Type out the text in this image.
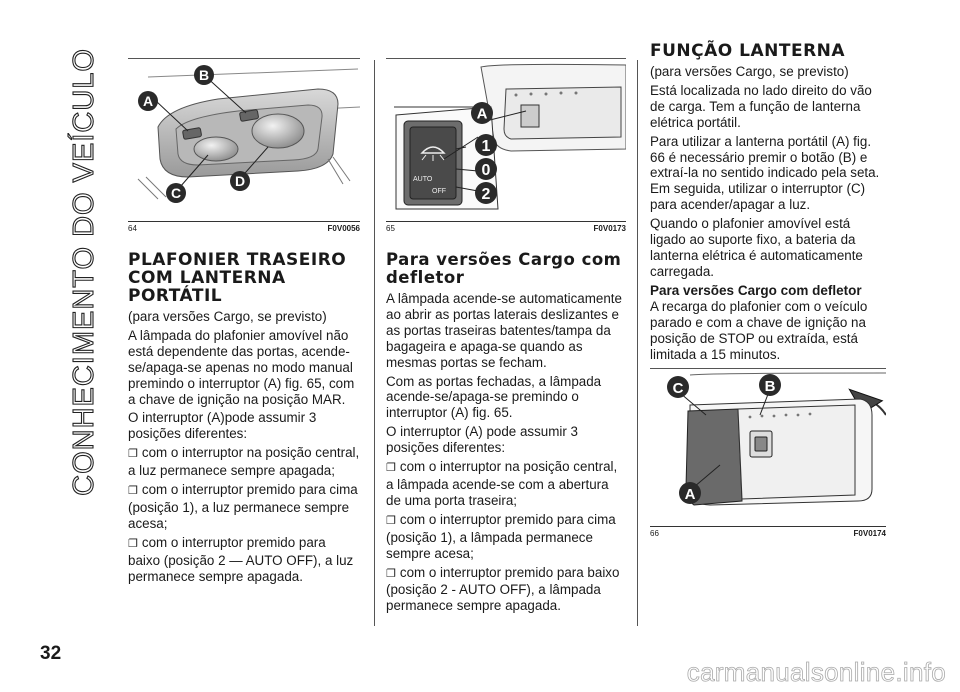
CONHECIMENTO DO VEÍCULO	A
B
C
D
64	F0V0056
PLAFONIER TRASEIRO COM LANTERNA PORTÁTIL

(para versões Cargo, se previsto)

A lâmpada do plafonier amovível não está dependente das portas, acende-se/apaga-se apenas no modo manual premindo o interruptor (A) fig. 65, com a chave de ignição na posição MAR.

O interruptor (A)pode assumir 3 posições diferentes:

❐ com o interruptor na posição central, a luz permanece sempre apagada;

❐ com o interruptor premido para cima (posição 1), a luz permanece sempre acesa;

❐ com o interruptor premido para baixo (posição 2 — AUTO OFF), a luz permanece sempre apagada.

AUTO
OFF
A
1
0
2
65	F0V0173
Para versões Cargo com defletor

A lâmpada acende-se automaticamente ao abrir as portas laterais deslizantes e as portas traseiras batentes/tampa da bagageira e apaga-se quando as mesmas portas se fecham.

Com as portas fechadas, a lâmpada acende-se/apaga-se premindo o interruptor (A) fig. 65.

O interruptor (A) pode assumir 3 posições diferentes:

❐ com o interruptor na posição central, a lâmpada acende-se com a abertura de uma porta traseira;

❐ com o interruptor premido para cima (posição 1), a lâmpada permanece sempre acesa;

❐ com o interruptor premido para baixo (posição 2 - AUTO OFF), a lâmpada permanece sempre apagada.

FUNÇÃO LANTERNA

(para versões Cargo, se previsto)

Está localizada no lado direito do vão de carga. Tem a função de lanterna elétrica portátil.

Para utilizar a lanterna portátil (A) fig. 66 é necessário premir o botão (B) e extraí-la no sentido indicado pela seta. Em seguida, utilizar o interruptor (C) para acender/apagar a luz.

Quando o plafonier amovível está ligado ao suporte fixo, a bateria da lanterna elétrica é automaticamente carregada.

Para versões Cargo com defletor

A recarga do plafonier com o veículo parado e com a chave de ignição na posição de STOP ou extraída, está limitada a 15 minutos.

C	B
A
66	F0V0174
32
carmanualsonline.info
